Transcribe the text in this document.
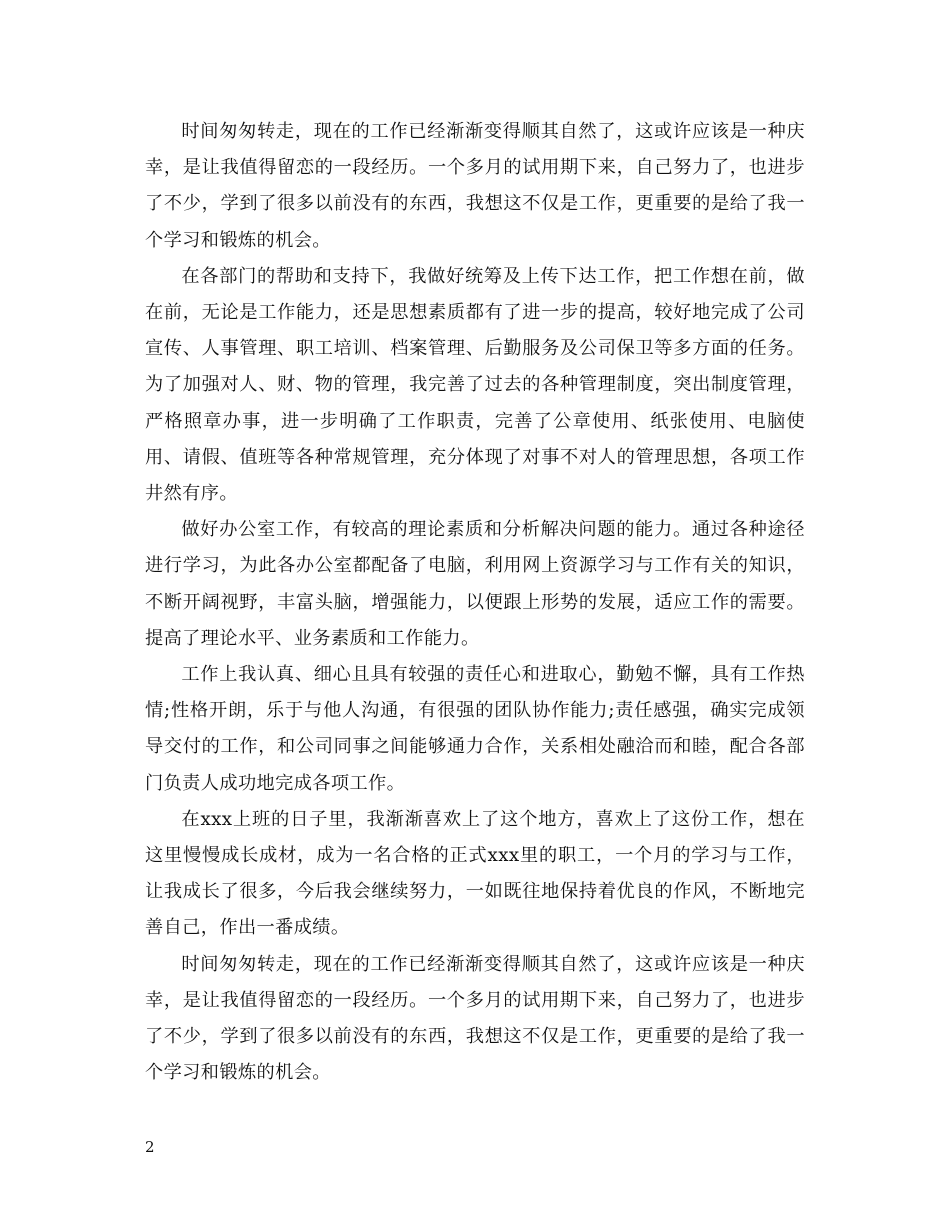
时间匆匆转走，现在的工作已经渐渐变得顺其自然了，这或许应该是一种庆幸，是让我值得留恋的一段经历。一个多月的试用期下来，自己努力了，也进步了不少，学到了很多以前没有的东西，我想这不仅是工作，更重要的是给了我一个学习和锻炼的机会。

在各部门的帮助和支持下，我做好统筹及上传下达工作，把工作想在前，做在前，无论是工作能力，还是思想素质都有了进一步的提高，较好地完成了公司宣传、人事管理、职工培训、档案管理、后勤服务及公司保卫等多方面的任务。为了加强对人、财、物的管理，我完善了过去的各种管理制度，突出制度管理，严格照章办事，进一步明确了工作职责，完善了公章使用、纸张使用、电脑使用、请假、值班等各种常规管理，充分体现了对事不对人的管理思想，各项工作井然有序。

做好办公室工作，有较高的理论素质和分析解决问题的能力。通过各种途径进行学习，为此各办公室都配备了电脑，利用网上资源学习与工作有关的知识，不断开阔视野，丰富头脑，增强能力，以便跟上形势的发展，适应工作的需要。提高了理论水平、业务素质和工作能力。

工作上我认真、细心且具有较强的责任心和进取心，勤勉不懈，具有工作热情;性格开朗，乐于与他人沟通，有很强的团队协作能力;责任感强，确实完成领导交付的工作，和公司同事之间能够通力合作，关系相处融洽而和睦，配合各部门负责人成功地完成各项工作。

在xxx上班的日子里，我渐渐喜欢上了这个地方，喜欢上了这份工作，想在这里慢慢成长成材，成为一名合格的正式xxx里的职工，一个月的学习与工作，让我成长了很多，今后我会继续努力，一如既往地保持着优良的作风，不断地完善自己，作出一番成绩。

时间匆匆转走，现在的工作已经渐渐变得顺其自然了，这或许应该是一种庆幸，是让我值得留恋的一段经历。一个多月的试用期下来，自己努力了，也进步了不少，学到了很多以前没有的东西，我想这不仅是工作，更重要的是给了我一个学习和锻炼的机会。

2
